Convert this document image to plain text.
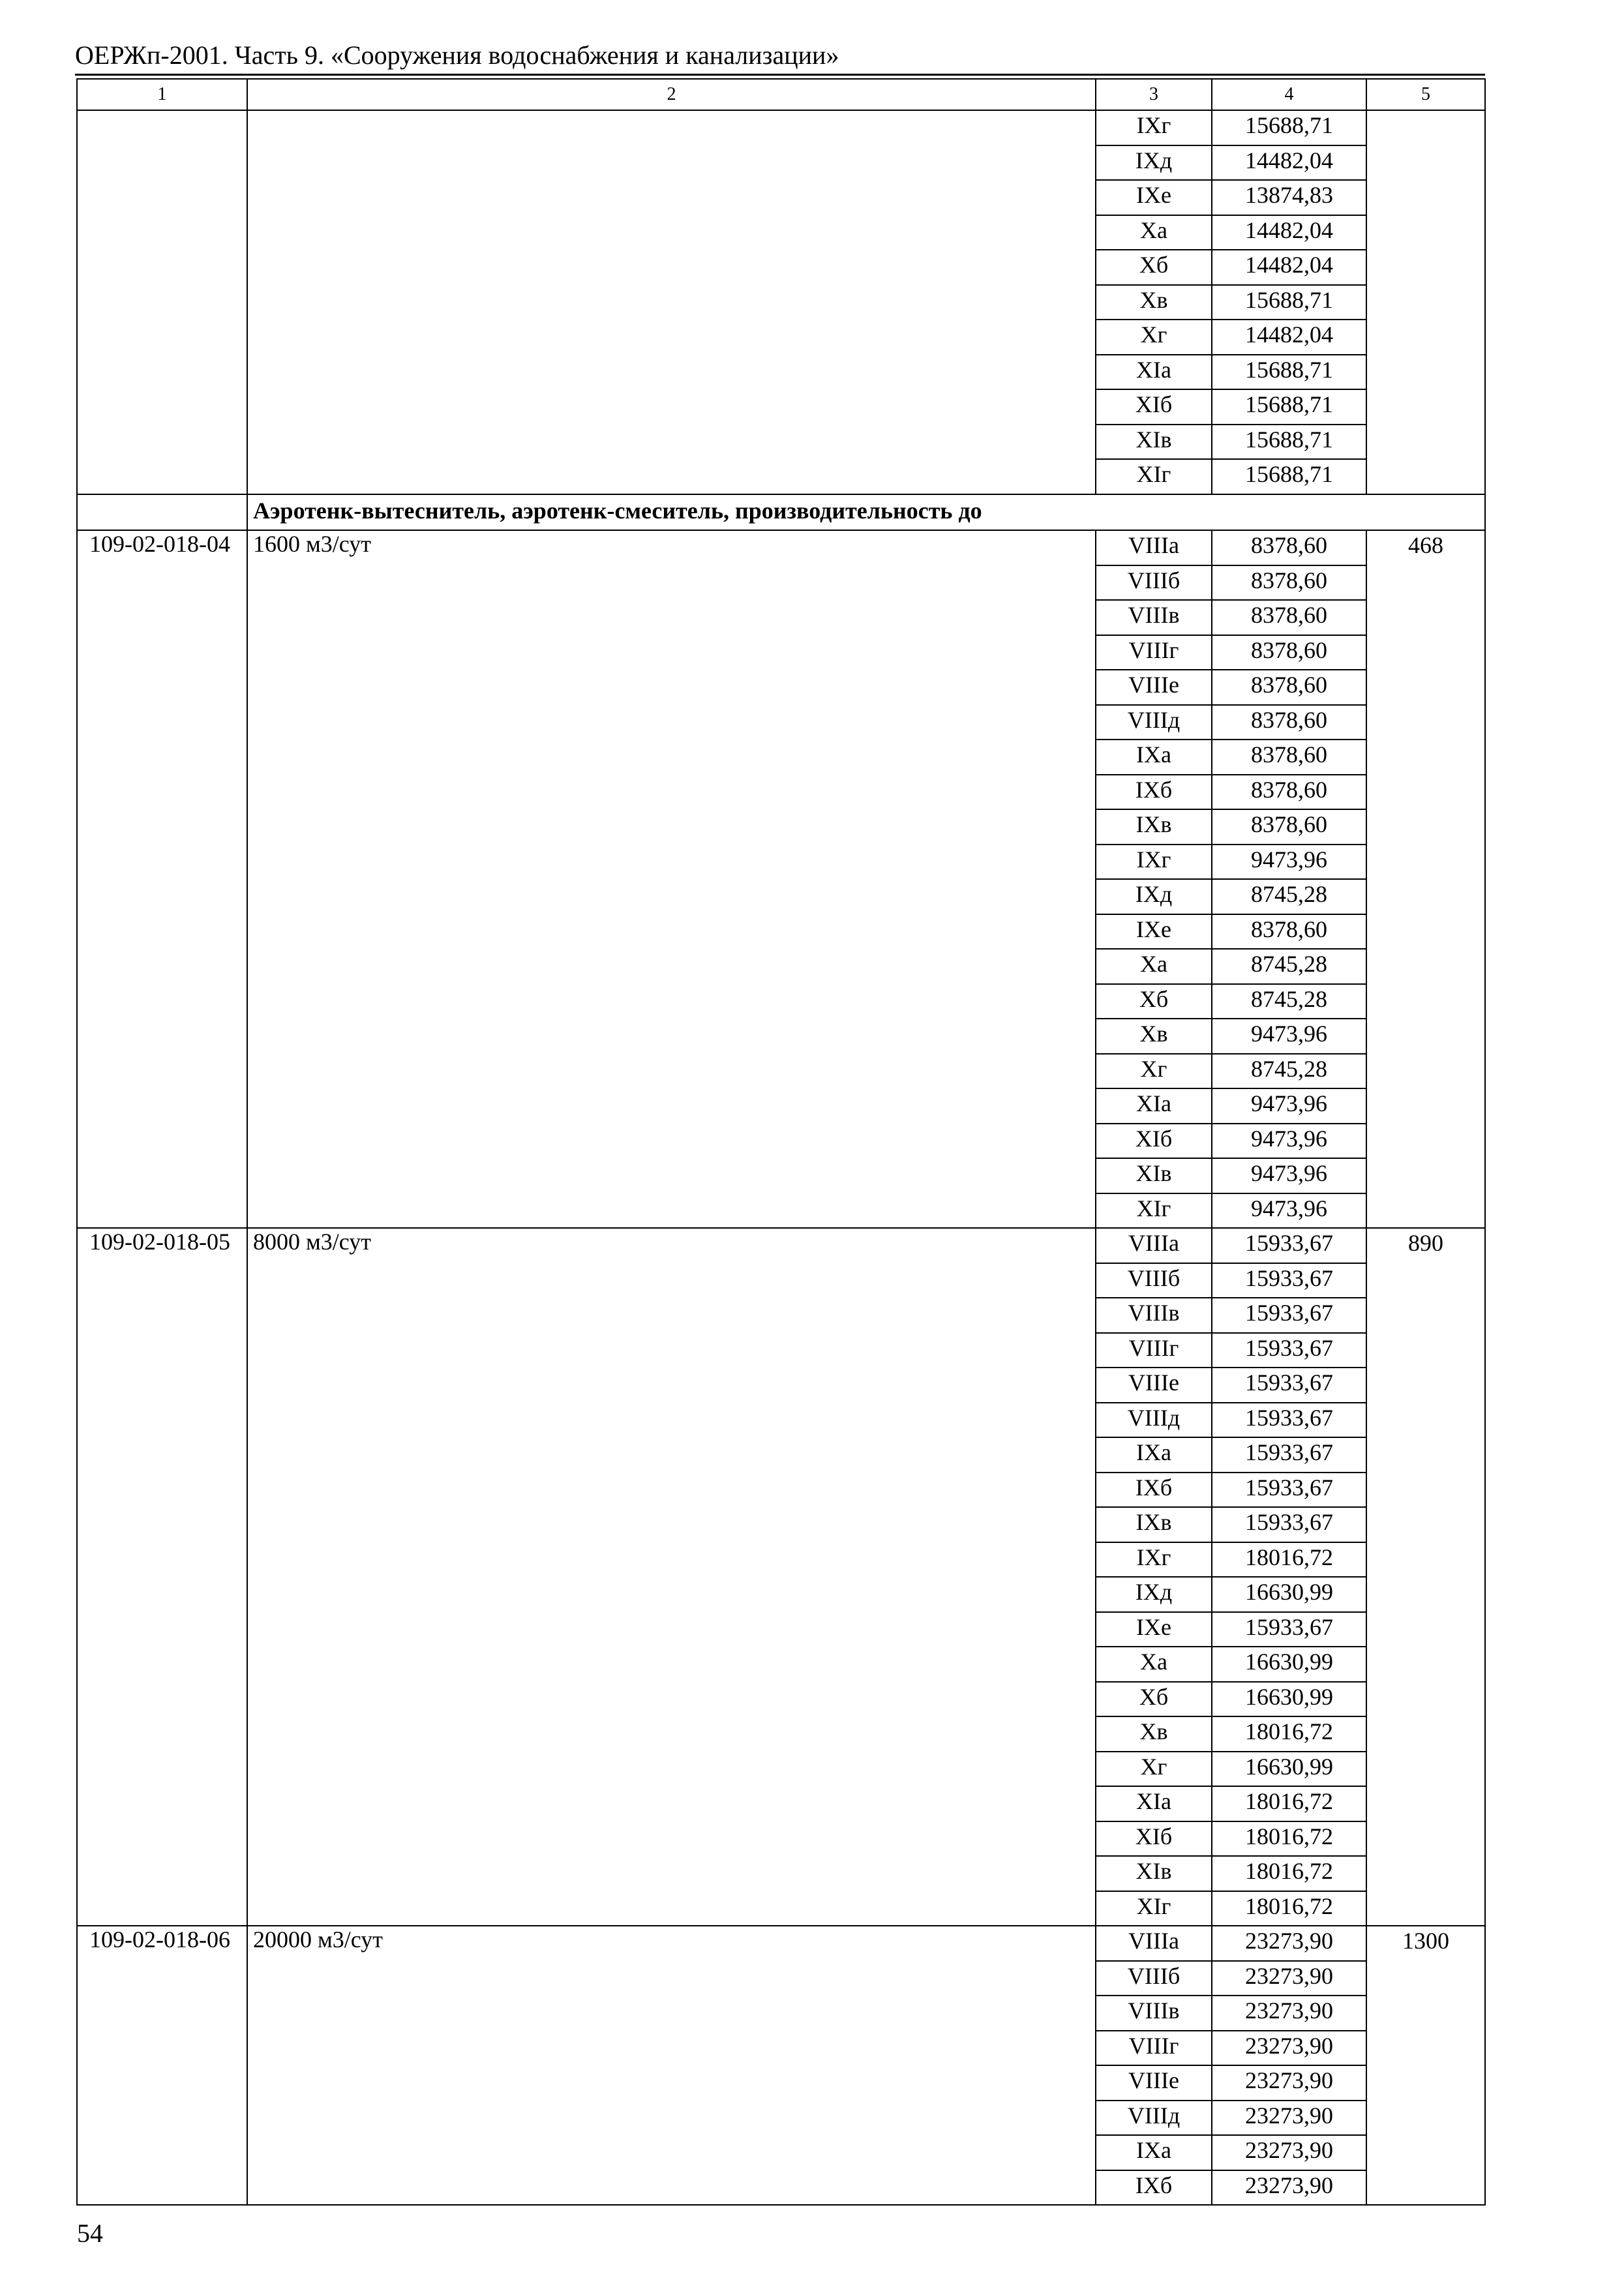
ОЕРЖп-2001. Часть 9. «Сооружения водоснабжения и канализации»
1	2	3	4	5
		IXг	15688,71	
		IXд	14482,04	
		IXе	13874,83	
		Xа	14482,04	
		Xб	14482,04	
		Xв	15688,71	
		Xг	14482,04	
		XIа	15688,71	
		XIб	15688,71	
		XIв	15688,71	
		XIг	15688,71	
	Аэротенк-вытеснитель, аэротенк-смеситель, производительность до			
109-02-018-04	1600 м3/сут	VIIIа	8378,60	468
		VIIIб	8378,60	
		VIIIв	8378,60	
		VIIIг	8378,60	
		VIIIе	8378,60	
		VIIIд	8378,60	
		IXа	8378,60	
		IXб	8378,60	
		IXв	8378,60	
		IXг	9473,96	
		IXд	8745,28	
		IXе	8378,60	
		Xа	8745,28	
		Xб	8745,28	
		Xв	9473,96	
		Xг	8745,28	
		XIа	9473,96	
		XIб	9473,96	
		XIв	9473,96	
		XIг	9473,96	
109-02-018-05	8000 м3/сут	VIIIа	15933,67	890
		VIIIб	15933,67	
		VIIIв	15933,67	
		VIIIг	15933,67	
		VIIIе	15933,67	
		VIIIд	15933,67	
		IXа	15933,67	
		IXб	15933,67	
		IXв	15933,67	
		IXг	18016,72	
		IXд	16630,99	
		IXе	15933,67	
		Xа	16630,99	
		Xб	16630,99	
		Xв	18016,72	
		Xг	16630,99	
		XIа	18016,72	
		XIб	18016,72	
		XIв	18016,72	
		XIг	18016,72	
109-02-018-06	20000 м3/сут	VIIIа	23273,90	1300
		VIIIб	23273,90	
		VIIIв	23273,90	
		VIIIг	23273,90	
		VIIIе	23273,90	
		VIIIд	23273,90	
		IXа	23273,90	
		IXб	23273,90	
54
